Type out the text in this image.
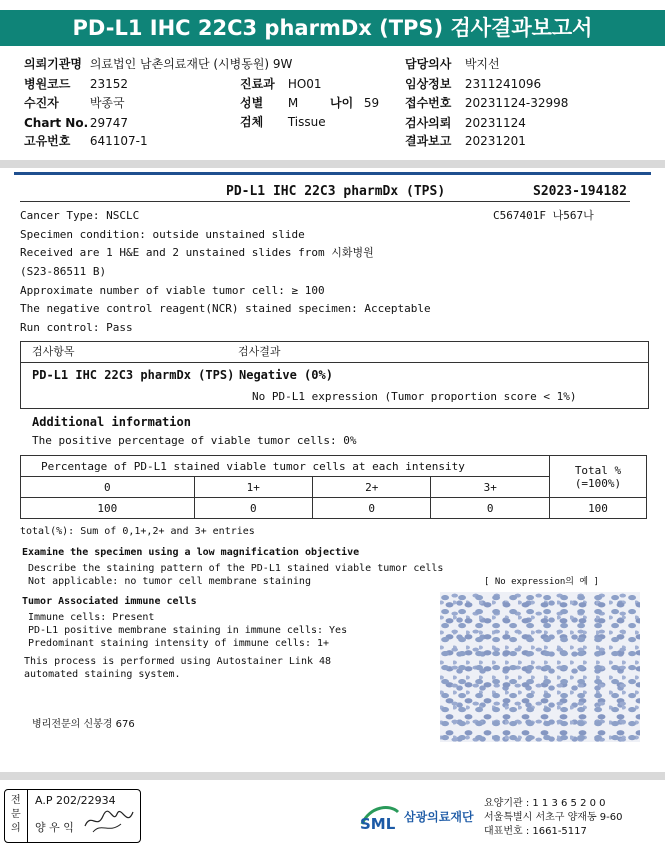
PD-L1 IHC 22C3 pharmDx (TPS) 검사결과보고서
의뢰기관명 의료법인 남촌의료재단 (시병동원) 9W
병원코드 23152
수진자	박종국
Chart No. 29747
고유번호 641107-1
진료과 HO01
성별 M	나이 59
검체 Tissue
담당의사 박지선
임상정보 2311241096
접수번호 20231124-32998
검사의뢰 20231124
결과보고 20231201
PD-L1 IHC 22C3 pharmDx (TPS)	S2023-194182
Cancer Type: NSCLC	C567401F 나567나
Specimen condition: outside unstained slide
Received are 1 H&E and 2 unstained slides from 시화병원
(S23-86511 B)
Approximate number of viable tumor cell: ≥ 100
The negative control reagent(NCR) stained specimen: Acceptable
Run control: Pass
검사항목	검사결과
PD-L1 IHC 22C3 pharmDx (TPS) Negative (0%)
No PD-L1 expression (Tumor proportion score < 1%)
Additional information
The positive percentage of viable tumor cells: 0%
Percentage of PD-L1 stained viable tumor cells at each intensity				Total %
(=100%)

0	1+	2+	3+	
100	0	0	0	100
total(%): Sum of 0,1+,2+ and 3+ entries
Examine the specimen using a low magnification objective
Describe the staining pattern of the PD-L1 stained viable tumor cells
Not applicable: no tumor cell membrane staining	[ No expression의 예 ]
Tumor Associated immune cells
Immune cells: Present
PD-L1 positive membrane staining in immune cells: Yes
Predominant staining intensity of immune cells: 1+
This process is performed using Autostainer Link 48
automated staining system.
병리전문의 신봉경 676
전문의
A.P 202/22934
양 우 익	SML 삼광의료재단
요양기관 : 1 1 3 6 5 2 0 0
서울특별시 서초구 양재동 9-60
대표번호 : 1661-5117
